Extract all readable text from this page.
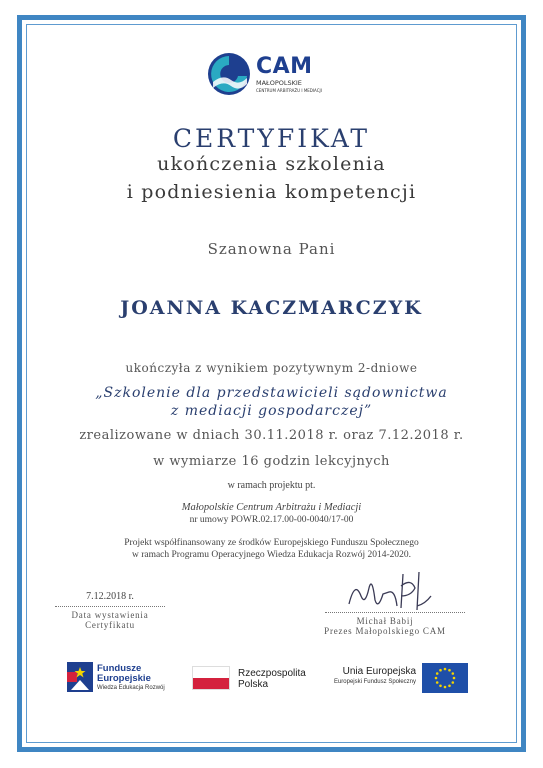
CAM
MAŁOPOLSKIE
CENTRUM ARBITRAŻU I MEDIACJI
CERTYFIKAT
ukończenia szkolenia
i podniesienia kompetencji
Szanowna Pani
JOANNA KACZMARCZYK
ukończyła z wynikiem pozytywnym 2-dniowe
„Szkolenie dla przedstawicieli sądownictwa
z mediacji gospodarczej”
zrealizowane w dniach 30.11.2018 r. oraz 7.12.2018 r.
w wymiarze 16 godzin lekcyjnych
w ramach projektu pt.
Małopolskie Centrum Arbitrażu i Mediacji
nr umowy POWR.02.17.00-00-0040/17-00
Projekt współfinansowany ze środków Europejskiego Funduszu Społecznego
w ramach Programu Operacyjnego Wiedza Edukacja Rozwój 2014-2020.
7.12.2018 r.
Data wystawienia
Certyfikatu	Michał Babij
Prezes Małopolskiego CAM
Fundusze
Europejskie
Wiedza Edukacja Rozwój
Rzeczpospolita
Polska
Unia Europejska
Europejski Fundusz Społeczny
